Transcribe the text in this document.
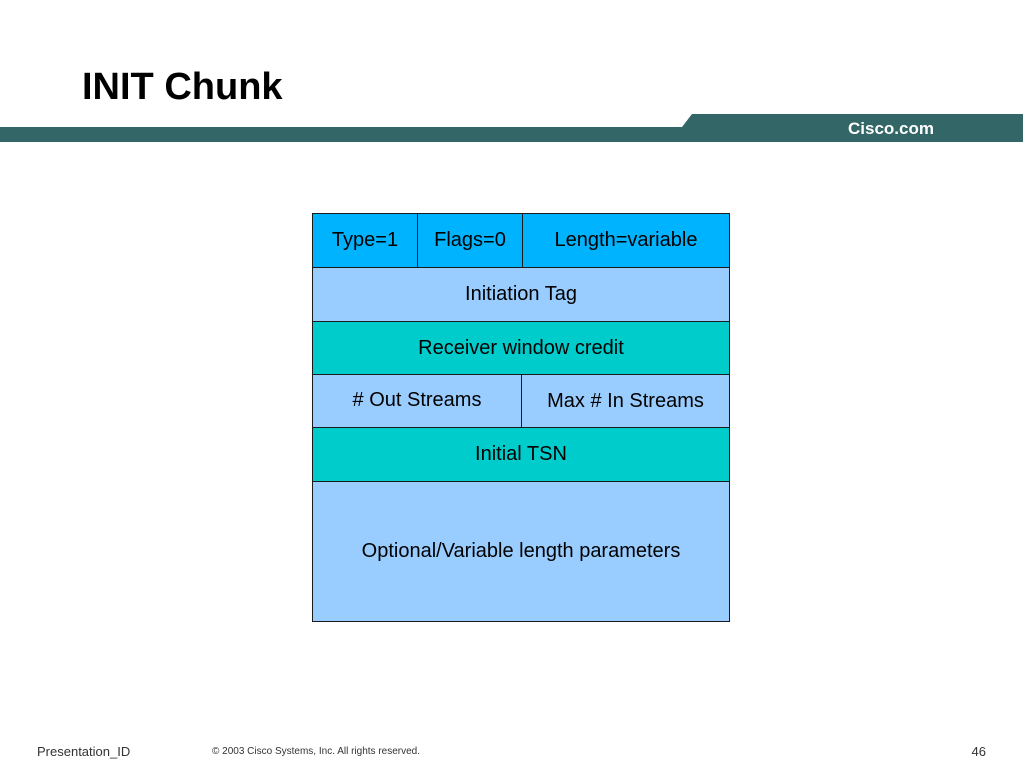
INIT Chunk
Cisco.com
Type=1 Flags=0 Length=variable
Initiation Tag
Receiver window credit
# Out Streams	Max # In Streams
Initial TSN
Optional/Variable length parameters
Presentation_ID	© 2003 Cisco Systems, Inc. All rights reserved.	46
